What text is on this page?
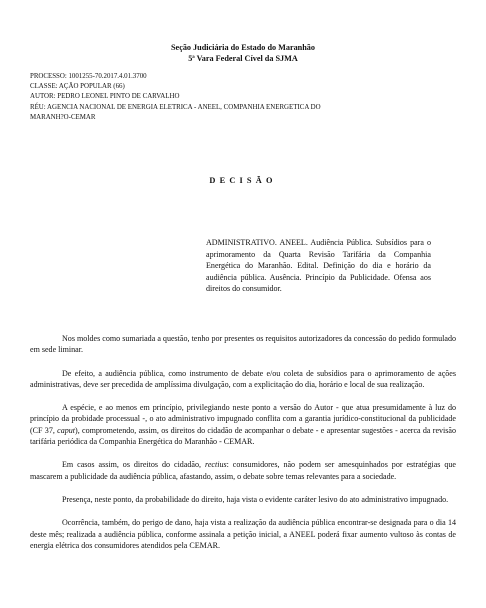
Seção Judiciária do Estado do Maranhão
5ª Vara Federal Cível da SJMA
PROCESSO: 1001255-70.2017.4.01.3700
CLASSE: AÇÃO POPULAR (66)
AUTOR: PEDRO LEONEL PINTO DE CARVALHO
RÉU: AGENCIA NACIONAL DE ENERGIA ELETRICA - ANEEL, COMPANHIA ENERGETICA DO
MARANH?O-CEMAR
DECISÃO
ADMINISTRATIVO. ANEEL. Audiência Pública. Subsídios para o aprimoramento da Quarta Revisão Tarifária da Companhia Energética do Maranhão. Edital. Definição do dia e horário da audiência pública. Ausência. Princípio da Publicidade. Ofensa aos direitos do consumidor.

Nos moldes como sumariada a questão, tenho por presentes os requisitos autorizadores da concessão do pedido formulado em sede liminar.

De efeito, a audiência pública, como instrumento de debate e/ou coleta de subsídios para o aprimoramento de ações administrativas, deve ser precedida de amplíssima divulgação, com a explicitação do dia, horário e local de sua realização.

A espécie, e ao menos em princípio, privilegiando neste ponto a versão do Autor - que atua presumidamente à luz do princípio da probidade processual -, o ato administrativo impugnado conflita com a garantia jurídico-constitucional da publicidade (CF 37, caput), comprometendo, assim, os direitos do cidadão de acompanhar o debate - e apresentar sugestões - acerca da revisão tarifária periódica da Companhia Energética do Maranhão - CEMAR.

Em casos assim, os direitos do cidadão, rectius: consumidores, não podem ser amesquinhados por estratégias que mascarem a publicidade da audiência pública, afastando, assim, o debate sobre temas relevantes para a sociedade.

Presença, neste ponto, da probabilidade do direito, haja vista o evidente caráter lesivo do ato administrativo impugnado.

Ocorrência, também, do perigo de dano, haja vista a realização da audiência pública encontrar-se designada para o dia 14 deste mês; realizada a audiência pública, conforme assinala a petição inicial, a ANEEL poderá fixar aumento vultoso às contas de energia elétrica dos consumidores atendidos pela CEMAR.
